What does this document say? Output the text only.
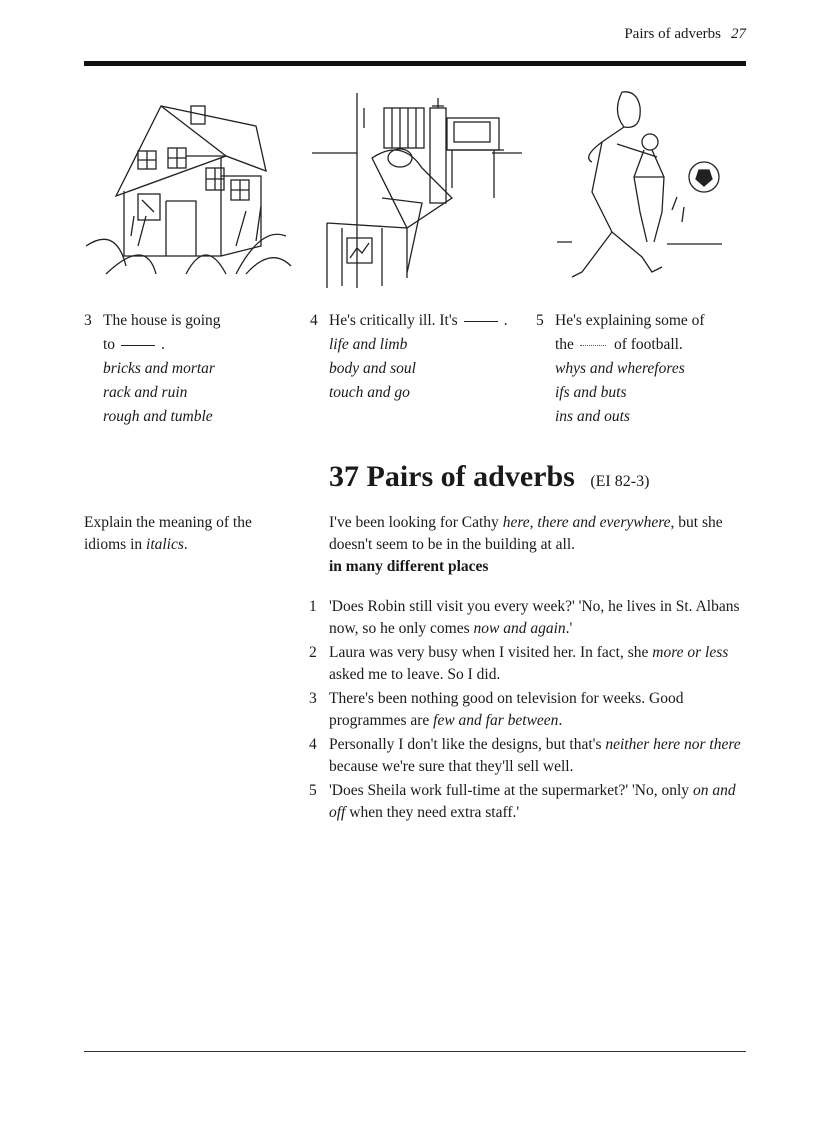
Pairs of adverbs 27
3 The house is going
to	.
bricks and mortar
rack and ruin
rough and tumble
4 He's critically ill. It's	.
life and limb
body and soul
touch and go
5 He's explaining some of
the	of football.
whys and wherefores
ifs and buts
ins and outs
37 Pairs of adverbs (EI 82-3)
Explain the meaning of the idioms in italics.
I've been looking for Cathy here, there and everywhere, but she doesn't seem to be in the building at all.
in many different places
1 'Does Robin still visit you every week?' 'No, he lives in St. Albans now, so he only comes now and again.'
2 Laura was very busy when I visited her. In fact, she more or less asked me to leave. So I did.
3 There's been nothing good on television for weeks. Good programmes are few and far between.
4 Personally I don't like the designs, but that's neither here nor there because we're sure that they'll sell well.
5 'Does Sheila work full-time at the supermarket?' 'No, only on and off when they need extra staff.'
